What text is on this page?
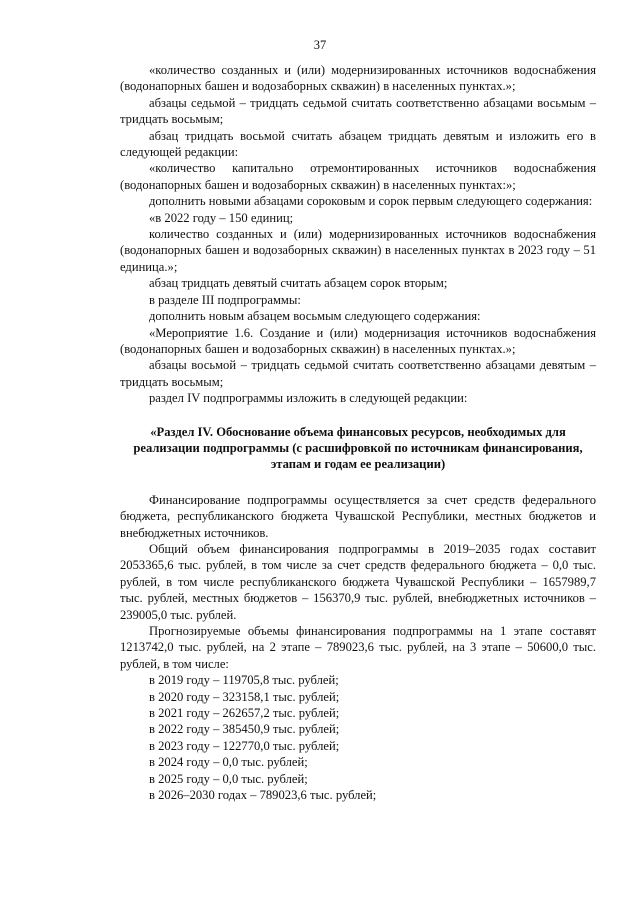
37

«количество созданных и (или) модернизированных источников водоснабжения (водонапорных башен и водозаборных скважин) в населенных пунктах.»;

абзацы седьмой – тридцать седьмой считать соответственно абзацами восьмым – тридцать восьмым;

абзац тридцать восьмой считать абзацем тридцать девятым и изложить его в следующей редакции:

«количество капитально отремонтированных источников водоснабжения (водонапорных башен и водозаборных скважин) в населенных пунктах:»;

дополнить новыми абзацами сороковым и сорок первым следующего содержания:

«в 2022 году – 150 единиц;

количество созданных и (или) модернизированных источников водоснабжения (водонапорных башен и водозаборных скважин) в населенных пунктах в 2023 году – 51 единица.»;

абзац тридцать девятый считать абзацем сорок вторым;

в разделе III подпрограммы:

дополнить новым абзацем восьмым следующего содержания:

«Мероприятие 1.6. Создание и (или) модернизация источников водоснабжения (водонапорных башен и водозаборных скважин) в населенных пунктах.»;

абзацы восьмой – тридцать седьмой считать соответственно абзацами девятым – тридцать восьмым;

раздел IV подпрограммы изложить в следующей редакции:

«Раздел IV. Обоснование объема финансовых ресурсов, необходимых для реализации подпрограммы (с расшифровкой по источникам финансирования, этапам и годам ее реализации)

Финансирование подпрограммы осуществляется за счет средств федерального бюджета, республиканского бюджета Чувашской Республики, местных бюджетов и внебюджетных источников.

Общий объем финансирования подпрограммы в 2019–2035 годах составит 2053365,6 тыс. рублей, в том числе за счет средств федерального бюджета – 0,0 тыс. рублей, в том числе республиканского бюджета Чувашской Республики – 1657989,7 тыс. рублей, местных бюджетов – 156370,9 тыс. рублей, внебюджетных источников – 239005,0 тыс. рублей.

Прогнозируемые объемы финансирования подпрограммы на 1 этапе составят 1213742,0 тыс. рублей, на 2 этапе – 789023,6 тыс. рублей, на 3 этапе – 50600,0 тыс. рублей, в том числе:

в 2019 году – 119705,8 тыс. рублей;

в 2020 году – 323158,1 тыс. рублей;

в 2021 году – 262657,2 тыс. рублей;

в 2022 году – 385450,9 тыс. рублей;

в 2023 году – 122770,0 тыс. рублей;

в 2024 году – 0,0 тыс. рублей;

в 2025 году – 0,0 тыс. рублей;

в 2026–2030 годах – 789023,6 тыс. рублей;
